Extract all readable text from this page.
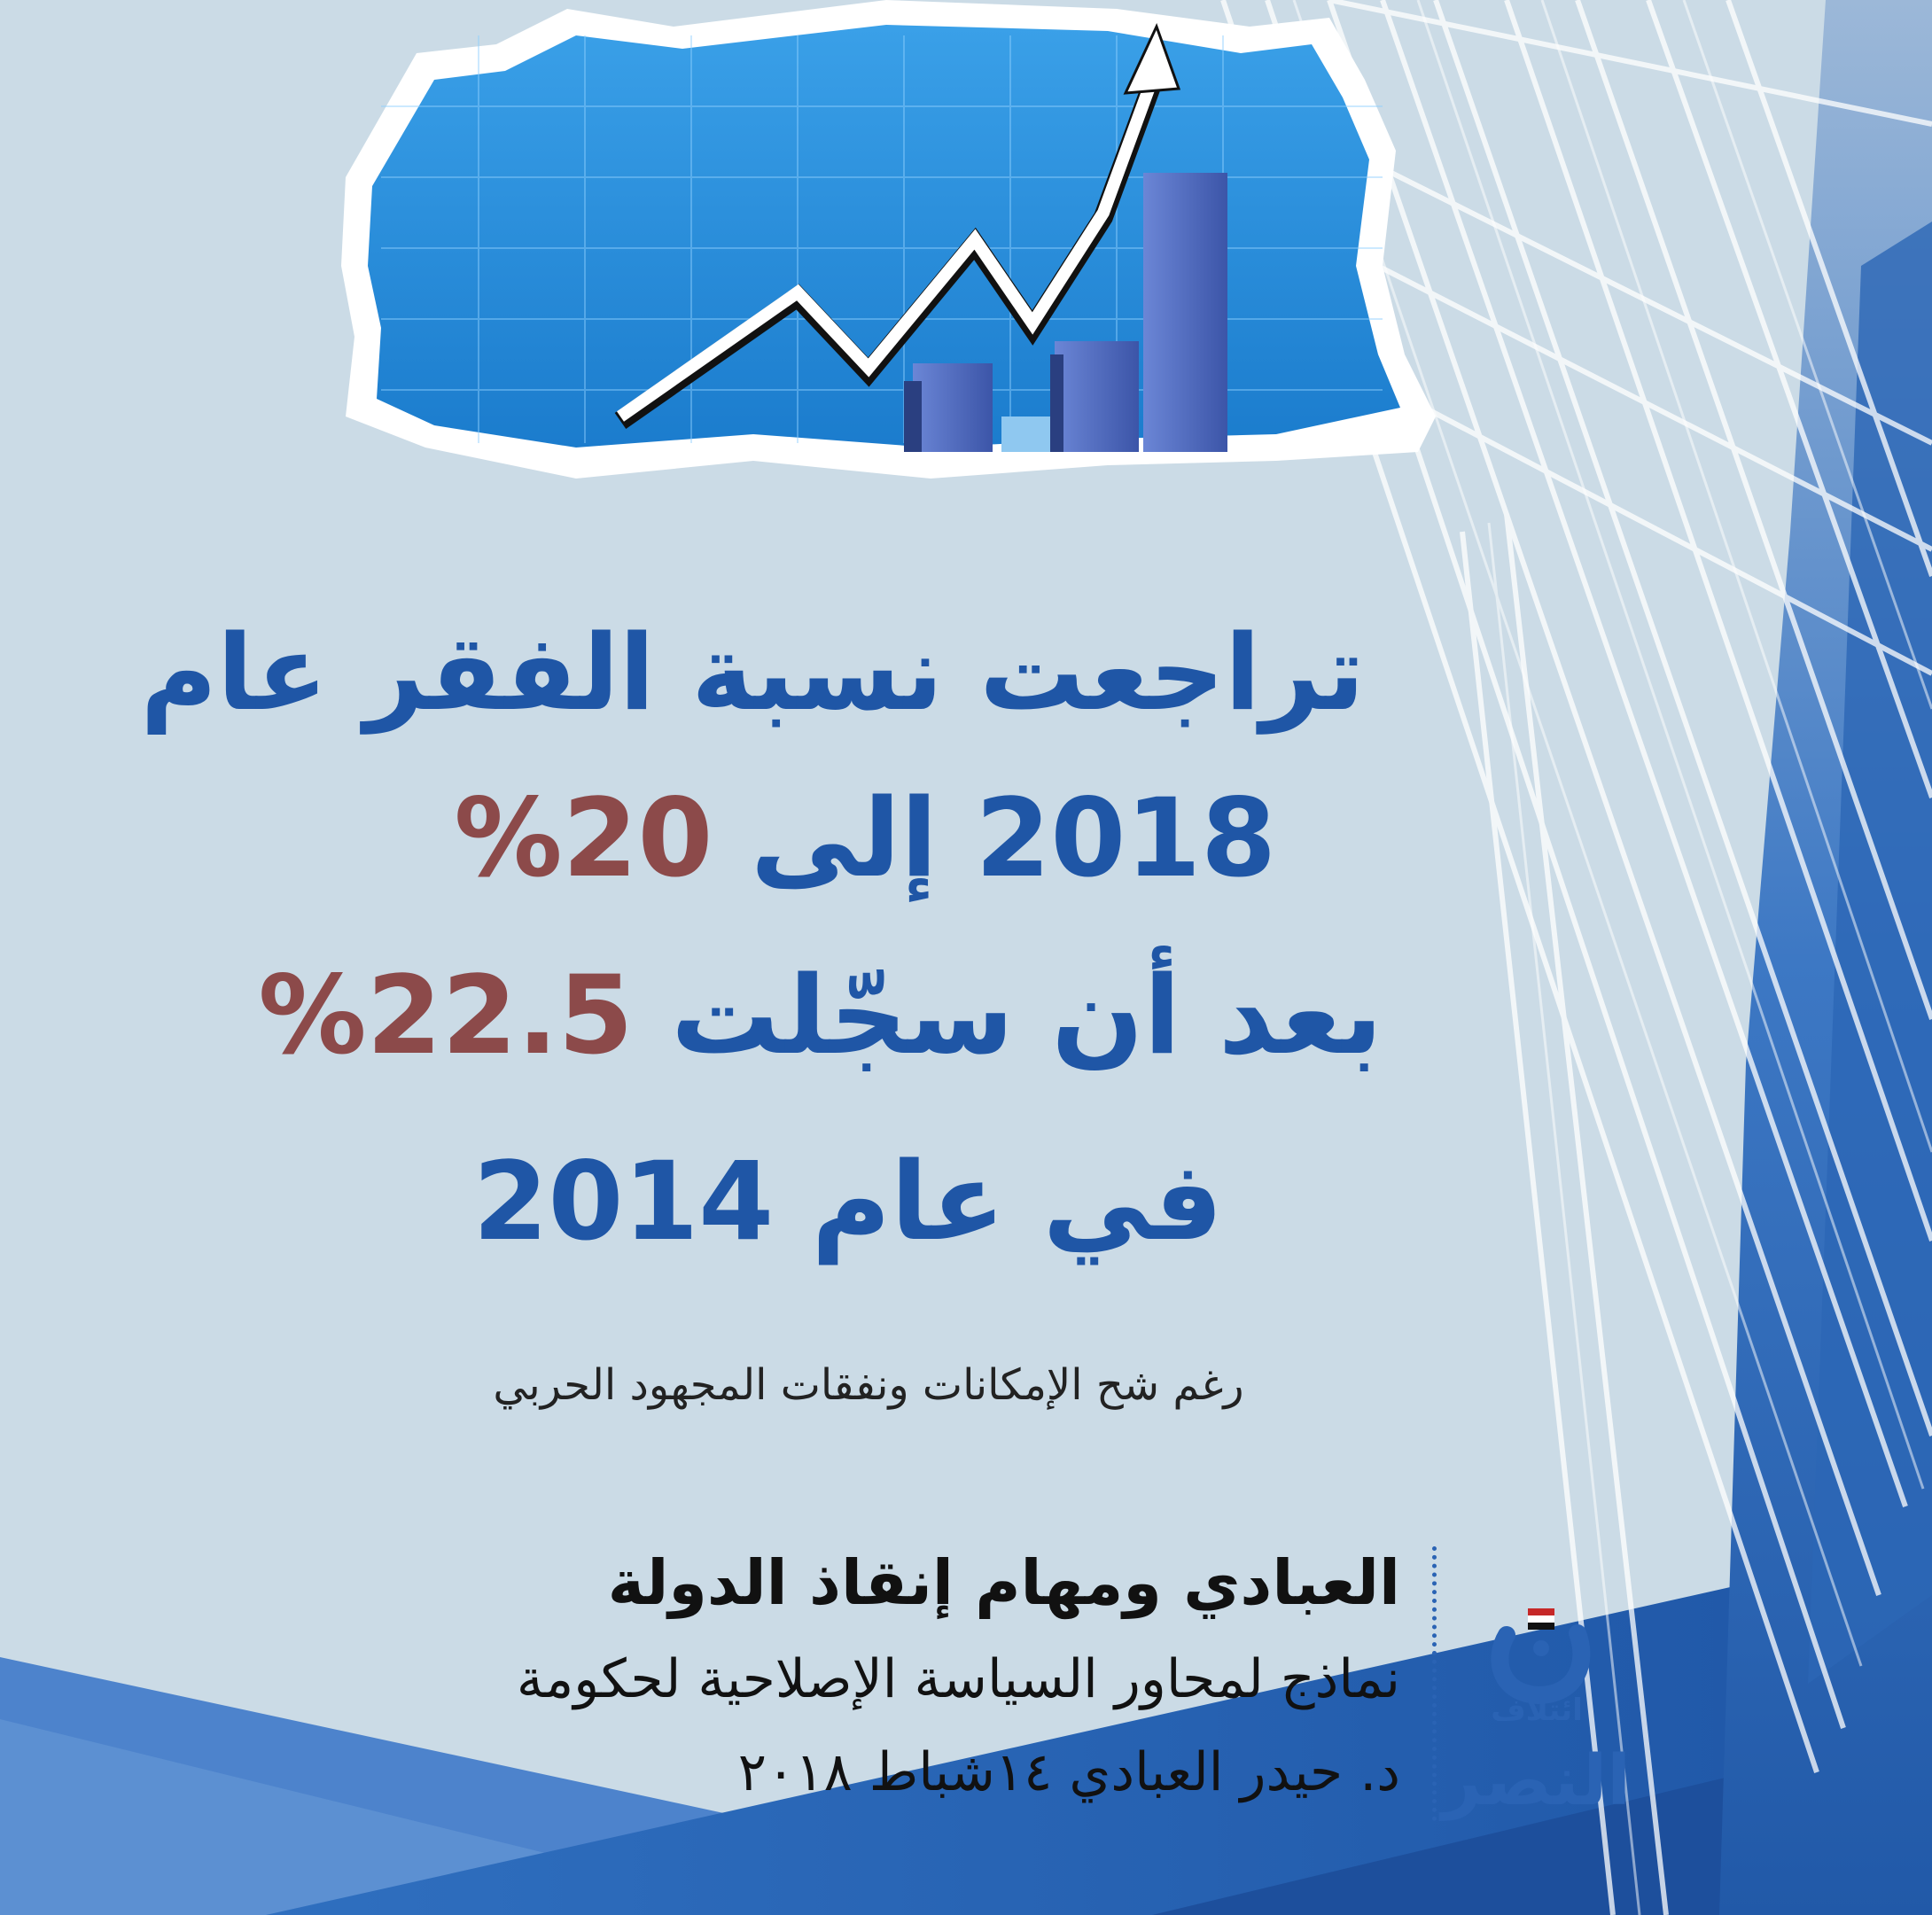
تراجعت نسبة الفقر عام
2018 إلى 20%
بعد أن سجّلت 22.5%
في عام 2014
رغم شح الإمكانات ونفقات المجهود الحربي
العبادي ومهام إنقاذ الدولة
نماذج لمحاور السياسة الإصلاحية لحكومة
د. حيدر العبادي ١٤شباط ٢٠١٨
ائتلاف
النصر
